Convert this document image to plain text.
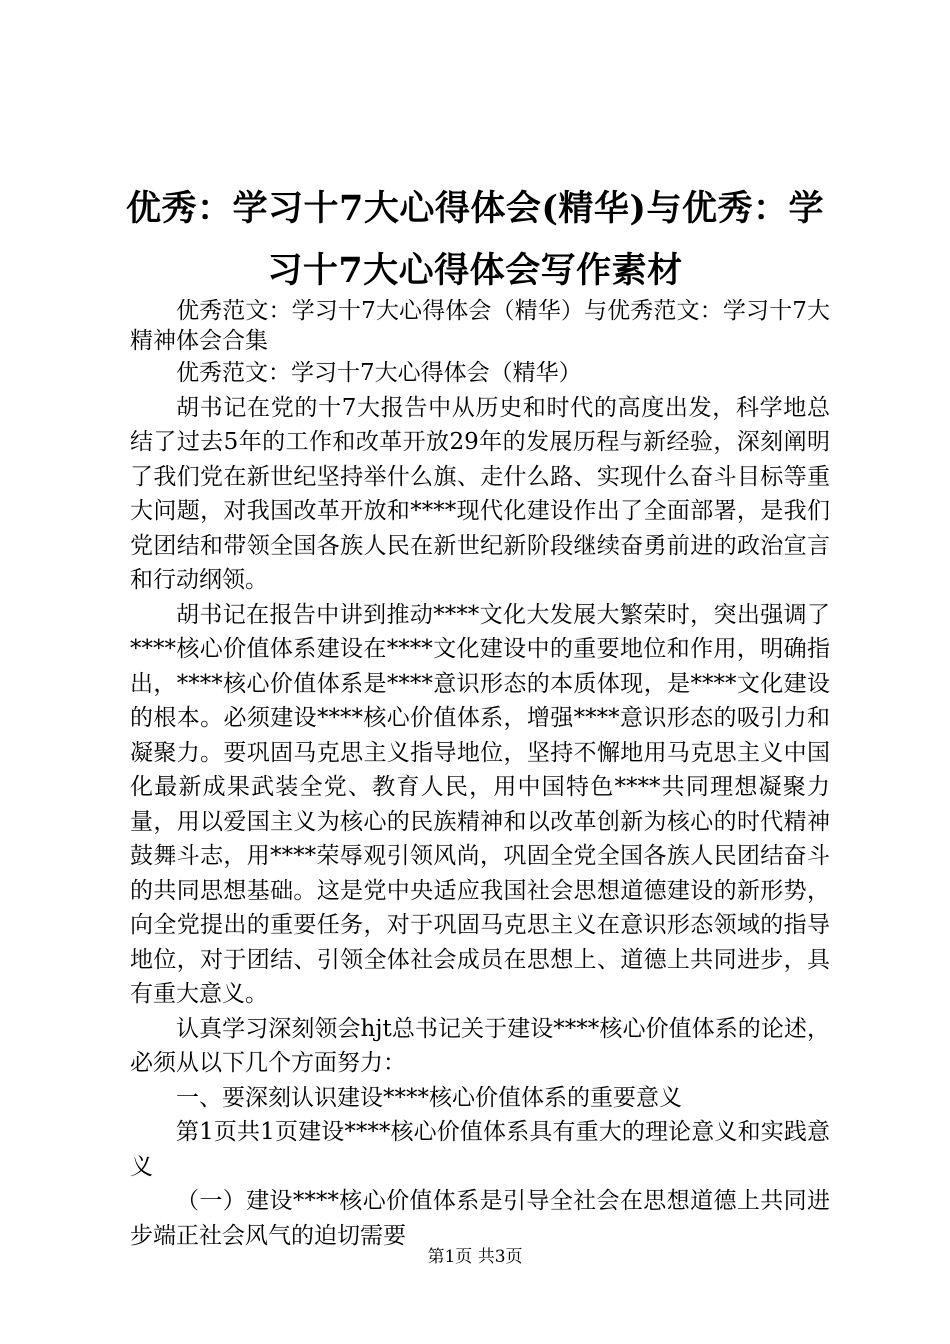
优秀：学习十7大心得体会(精华)与优秀：学习十7大心得体会写作素材

优秀范文：学习十7大心得体会（精华）与优秀范文：学习十7大精神体会合集

优秀范文：学习十7大心得体会（精华）

胡书记在党的十7大报告中从历史和时代的高度出发，科学地总结了过去5年的工作和改革开放29年的发展历程与新经验，深刻阐明了我们党在新世纪坚持举什么旗、走什么路、实现什么奋斗目标等重大问题，对我国改革开放和****现代化建设作出了全面部署，是我们党团结和带领全国各族人民在新世纪新阶段继续奋勇前进的政治宣言和行动纲领。

胡书记在报告中讲到推动****文化大发展大繁荣时，突出强调了****核心价值体系建设在****文化建设中的重要地位和作用，明确指出，****核心价值体系是****意识形态的本质体现，是****文化建设的根本。必须建设****核心价值体系，增强****意识形态的吸引力和凝聚力。要巩固马克思主义指导地位，坚持不懈地用马克思主义中国化最新成果武装全党、教育人民，用中国特色****共同理想凝聚力量，用以爱国主义为核心的民族精神和以改革创新为核心的时代精神鼓舞斗志，用****荣辱观引领风尚，巩固全党全国各族人民团结奋斗的共同思想基础。这是党中央适应我国社会思想道德建设的新形势，向全党提出的重要任务，对于巩固马克思主义在意识形态领域的指导地位，对于团结、引领全体社会成员在思想上、道德上共同进步，具有重大意义。

认真学习深刻领会hjt总书记关于建设****核心价值体系的论述，必须从以下几个方面努力：

一、要深刻认识建设****核心价值体系的重要意义

第1页共1页建设****核心价值体系具有重大的理论意义和实践意义

（一）建设****核心价值体系是引导全社会在思想道德上共同进步端正社会风气的迫切需要

第1页 共3页
